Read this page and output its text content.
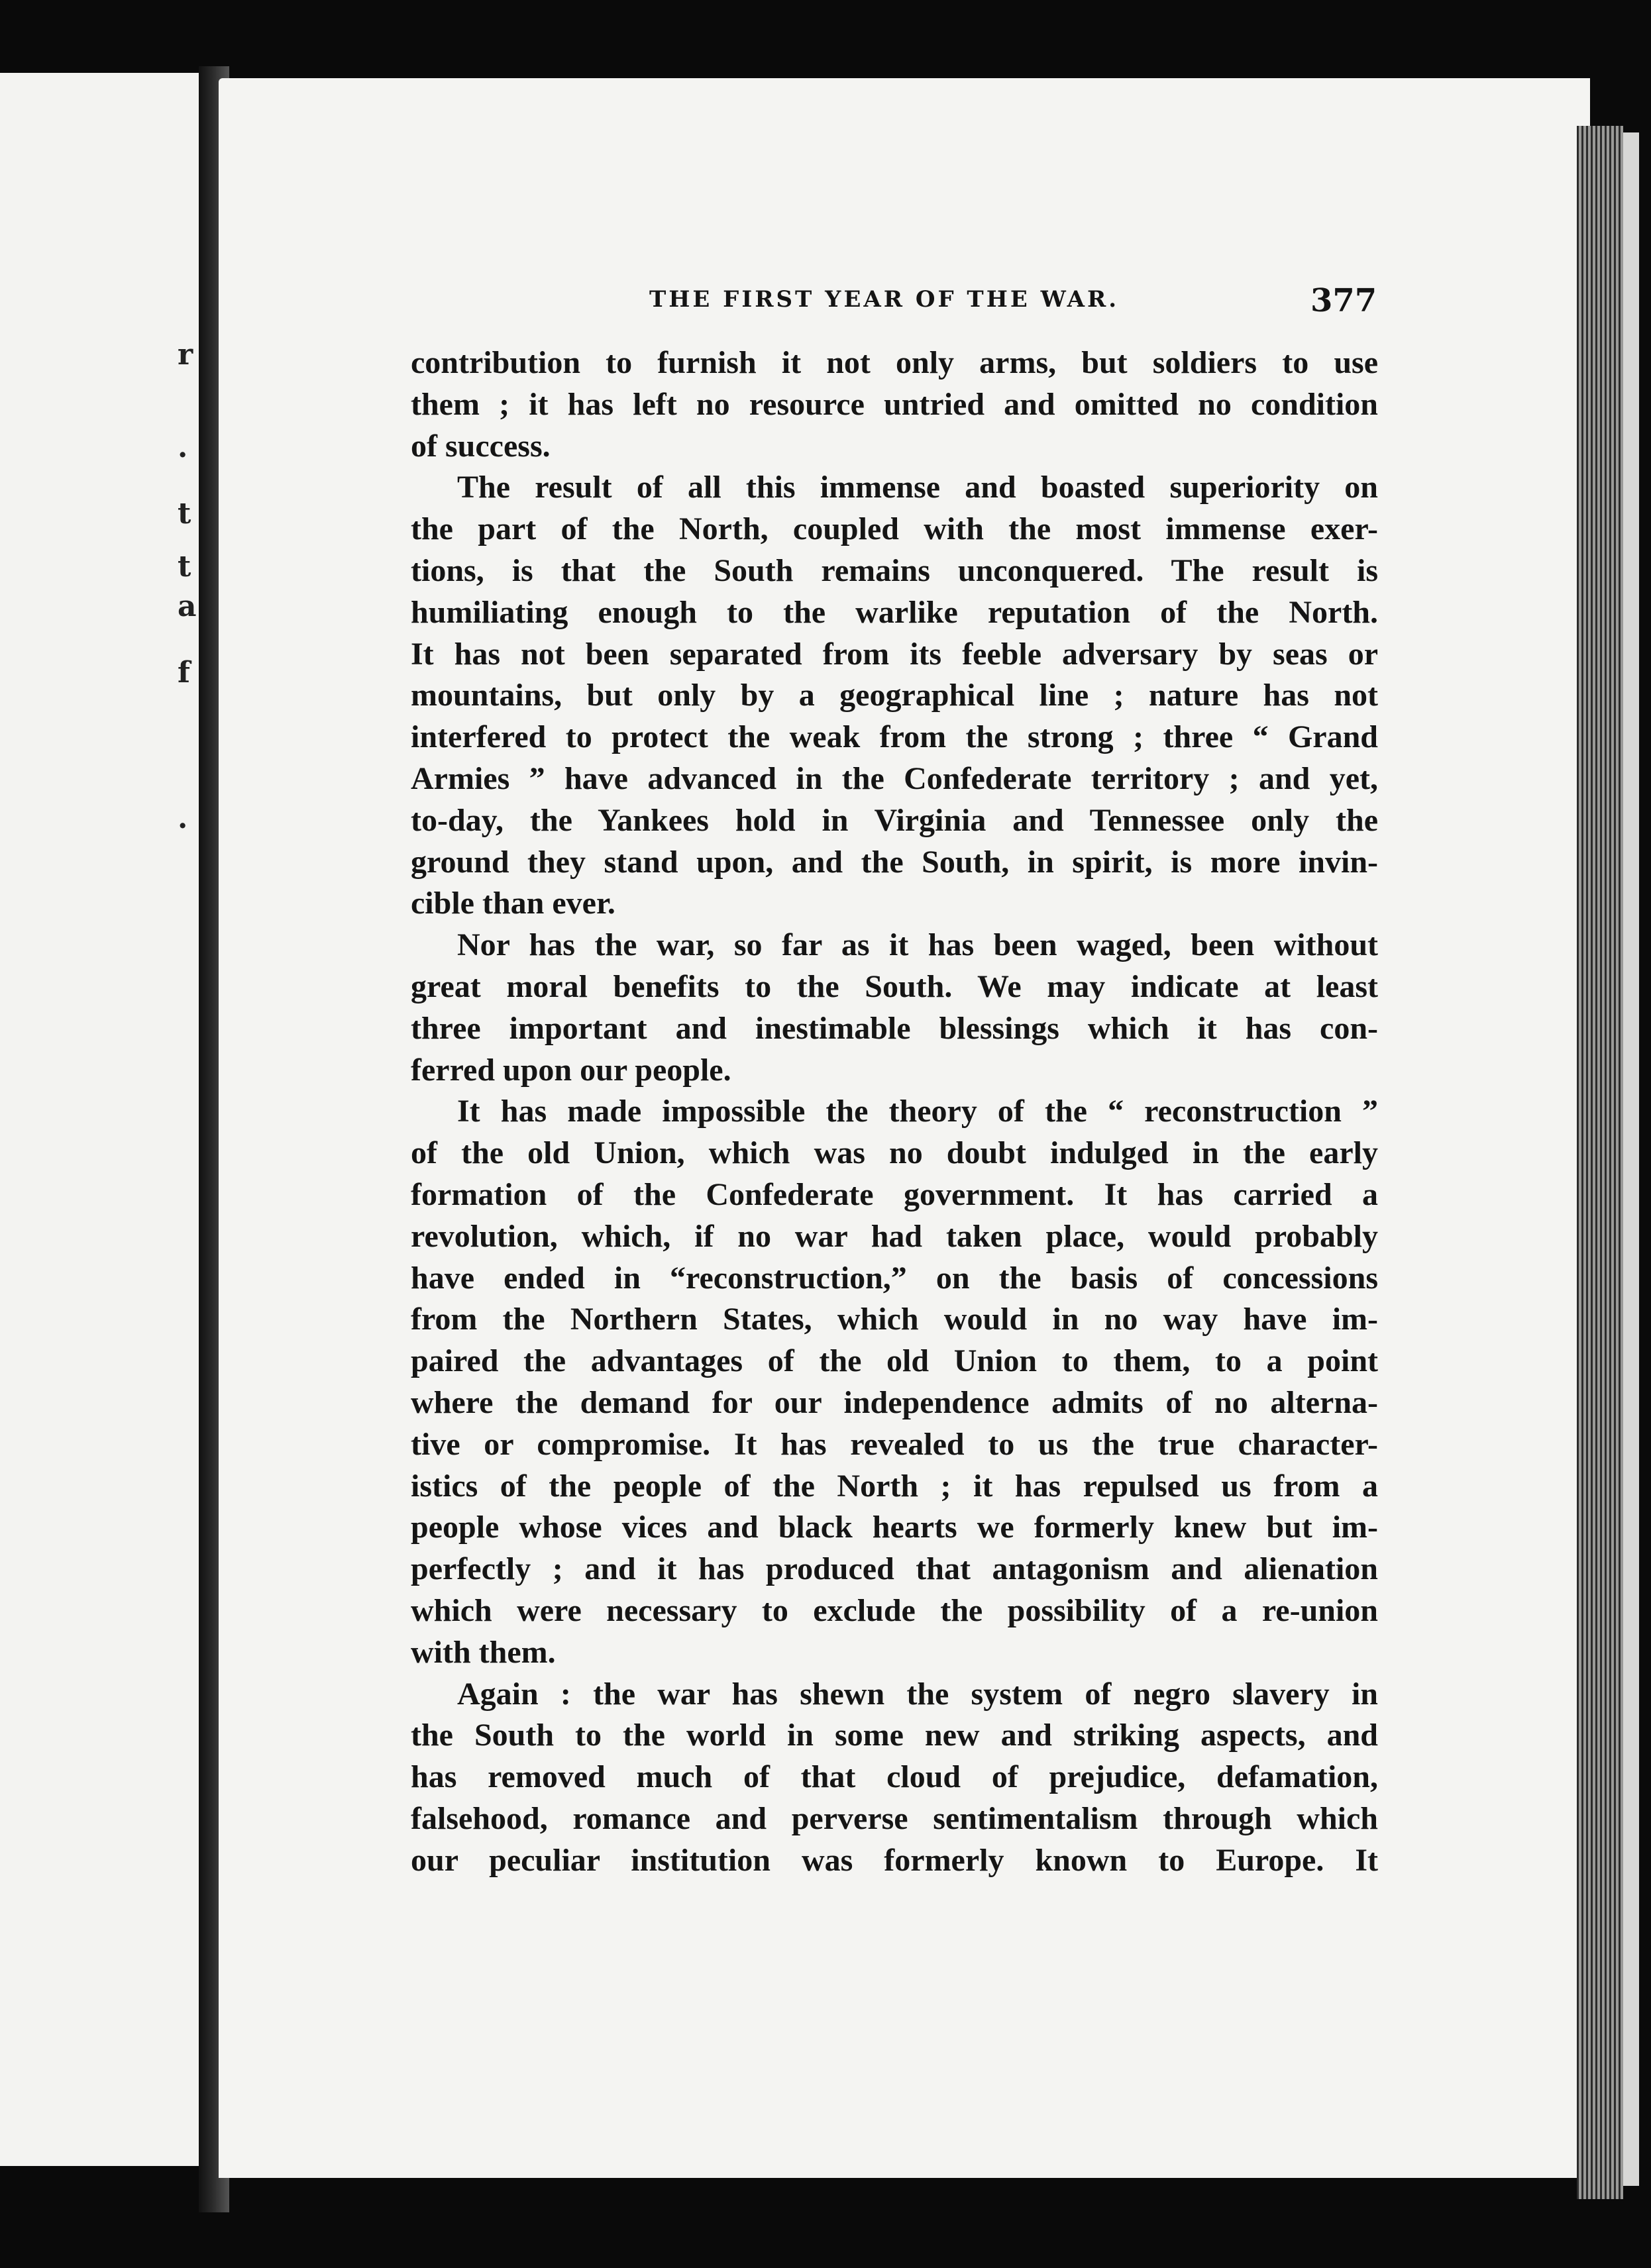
r
.
t
t
a
f
.
THE FIRST YEAR OF THE WAR.	377
contribution to furnish it not only arms, but soldiers to use
them ; it has left no resource untried and omitted no condition
of success.
The result of all this immense and boasted superiority on
the part of the North, coupled with the most immense exer-
tions, is that the South remains unconquered. The result is
humiliating enough to the warlike reputation of the North.
It has not been separated from its feeble adversary by seas or
mountains, but only by a geographical line ; nature has not
interfered to protect the weak from the strong ; three “ Grand
Armies ” have advanced in the Confederate territory ; and yet,
to-day, the Yankees hold in Virginia and Tennessee only the
ground they stand upon, and the South, in spirit, is more invin-
cible than ever.
Nor has the war, so far as it has been waged, been without
great moral benefits to the South. We may indicate at least
three important and inestimable blessings which it has con-
ferred upon our people.
It has made impossible the theory of the “ reconstruction ”
of the old Union, which was no doubt indulged in the early
formation of the Confederate government. It has carried a
revolution, which, if no war had taken place, would probably
have ended in “reconstruction,” on the basis of concessions
from the Northern States, which would in no way have im-
paired the advantages of the old Union to them, to a point
where the demand for our independence admits of no alterna-
tive or compromise. It has revealed to us the true character-
istics of the people of the North ; it has repulsed us from a
people whose vices and black hearts we formerly knew but im-
perfectly ; and it has produced that antagonism and alienation
which were necessary to exclude the possibility of a re-union
with them.
Again : the war has shewn the system of negro slavery in
the South to the world in some new and striking aspects, and
has removed much of that cloud of prejudice, defamation,
falsehood, romance and perverse sentimentalism through which
our peculiar institution was formerly known to Europe. It
